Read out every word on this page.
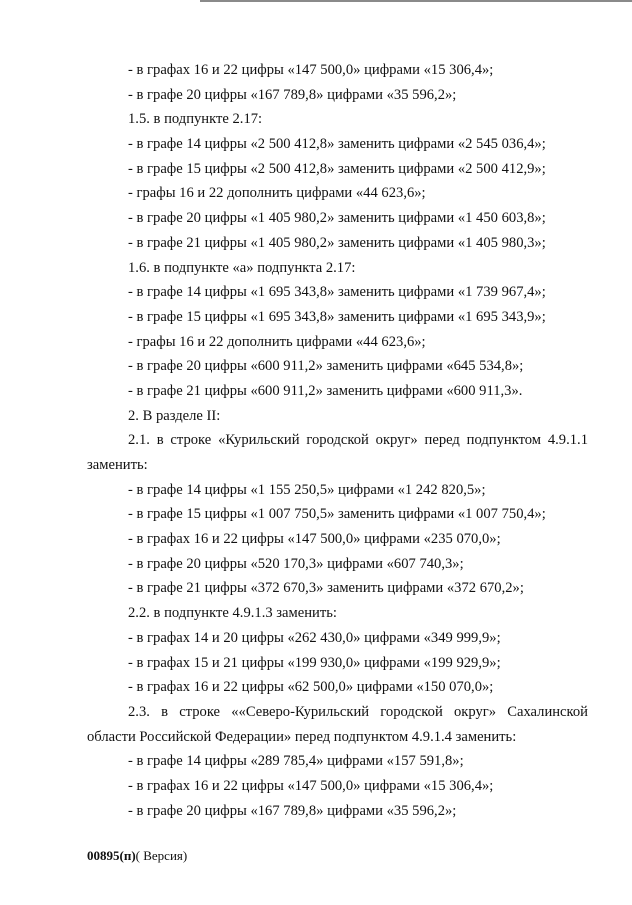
- в графах 16 и 22 цифры «147 500,0» цифрами «15 306,4»;
- в графе 20 цифры «167 789,8» цифрами «35 596,2»;
1.5. в подпункте 2.17:
- в графе 14 цифры «2 500 412,8» заменить цифрами «2 545 036,4»;
- в графе 15 цифры «2 500 412,8» заменить цифрами «2 500 412,9»;
- графы 16 и 22 дополнить цифрами «44 623,6»;
- в графе 20 цифры «1 405 980,2» заменить цифрами «1 450 603,8»;
- в графе 21 цифры «1 405 980,2» заменить цифрами «1 405 980,3»;
1.6. в подпункте «а» подпункта 2.17:
- в графе 14 цифры «1 695 343,8» заменить цифрами «1 739 967,4»;
- в графе 15 цифры «1 695 343,8» заменить цифрами «1 695 343,9»;
- графы 16 и 22 дополнить цифрами «44 623,6»;
- в графе 20 цифры «600 911,2» заменить цифрами «645 534,8»;
- в графе 21 цифры «600 911,2» заменить цифрами «600 911,3».
2. В разделе II:
2.1. в строке «Курильский городской округ» перед подпунктом 4.9.1.1
заменить:
- в графе 14 цифры «1 155 250,5» цифрами «1 242 820,5»;
- в графе 15 цифры «1 007 750,5» заменить цифрами «1 007 750,4»;
- в графах 16 и 22 цифры «147 500,0» цифрами «235 070,0»;
- в графе 20 цифры «520 170,3» цифрами «607 740,3»;
- в графе 21 цифры «372 670,3» заменить цифрами «372 670,2»;
2.2. в подпункте 4.9.1.3 заменить:
- в графах 14 и 20 цифры «262 430,0» цифрами «349 999,9»;
- в графах 15 и 21 цифры «199 930,0» цифрами «199 929,9»;
- в графах 16 и 22 цифры «62 500,0» цифрами «150 070,0»;
2.3. в строке ««Северо-Курильский городской округ» Сахалинской
области Российской Федерации» перед подпунктом 4.9.1.4 заменить:
- в графе 14 цифры «289 785,4» цифрами «157 591,8»;
- в графах 16 и 22 цифры «147 500,0» цифрами «15 306,4»;
- в графе 20 цифры «167 789,8» цифрами «35 596,2»;
00895(п)( Версия)
